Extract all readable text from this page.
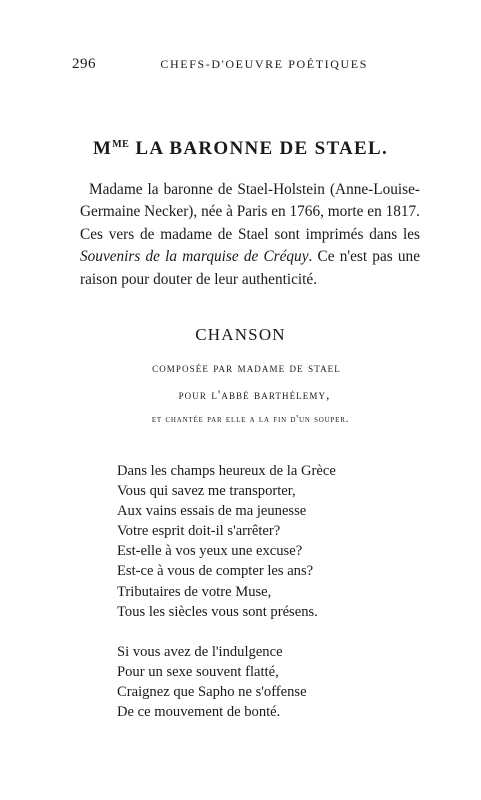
296	CHEFS-D'OEUVRE POÉTIQUES
$M^{ME}$ LA BARONNE DE STAEL.

Madame la baronne de Stael-Holstein (Anne-Louise-Germaine Necker), née à Paris en 1766, morte en 1817. Ces vers de madame de Stael sont imprimés dans les Souvenirs de la marquise de Créquy. Ce n'est pas une raison pour douter de leur authenticité.

CHANSON
composée par madame de stael
pour l'abbé barthélemy,
et chantée par elle a la fin d'un souper.
Dans les champs heureux de la Grèce
Vous qui savez me transporter,
Aux vains essais de ma jeunesse
Votre esprit doit-il s'arrêter?
Est-elle à vos yeux une excuse?
Est-ce à vous de compter les ans?
Tributaires de votre Muse,
Tous les siècles vous sont présens.
Si vous avez de l'indulgence
Pour un sexe souvent flatté,
Craignez que Sapho ne s'offense
De ce mouvement de bonté.
